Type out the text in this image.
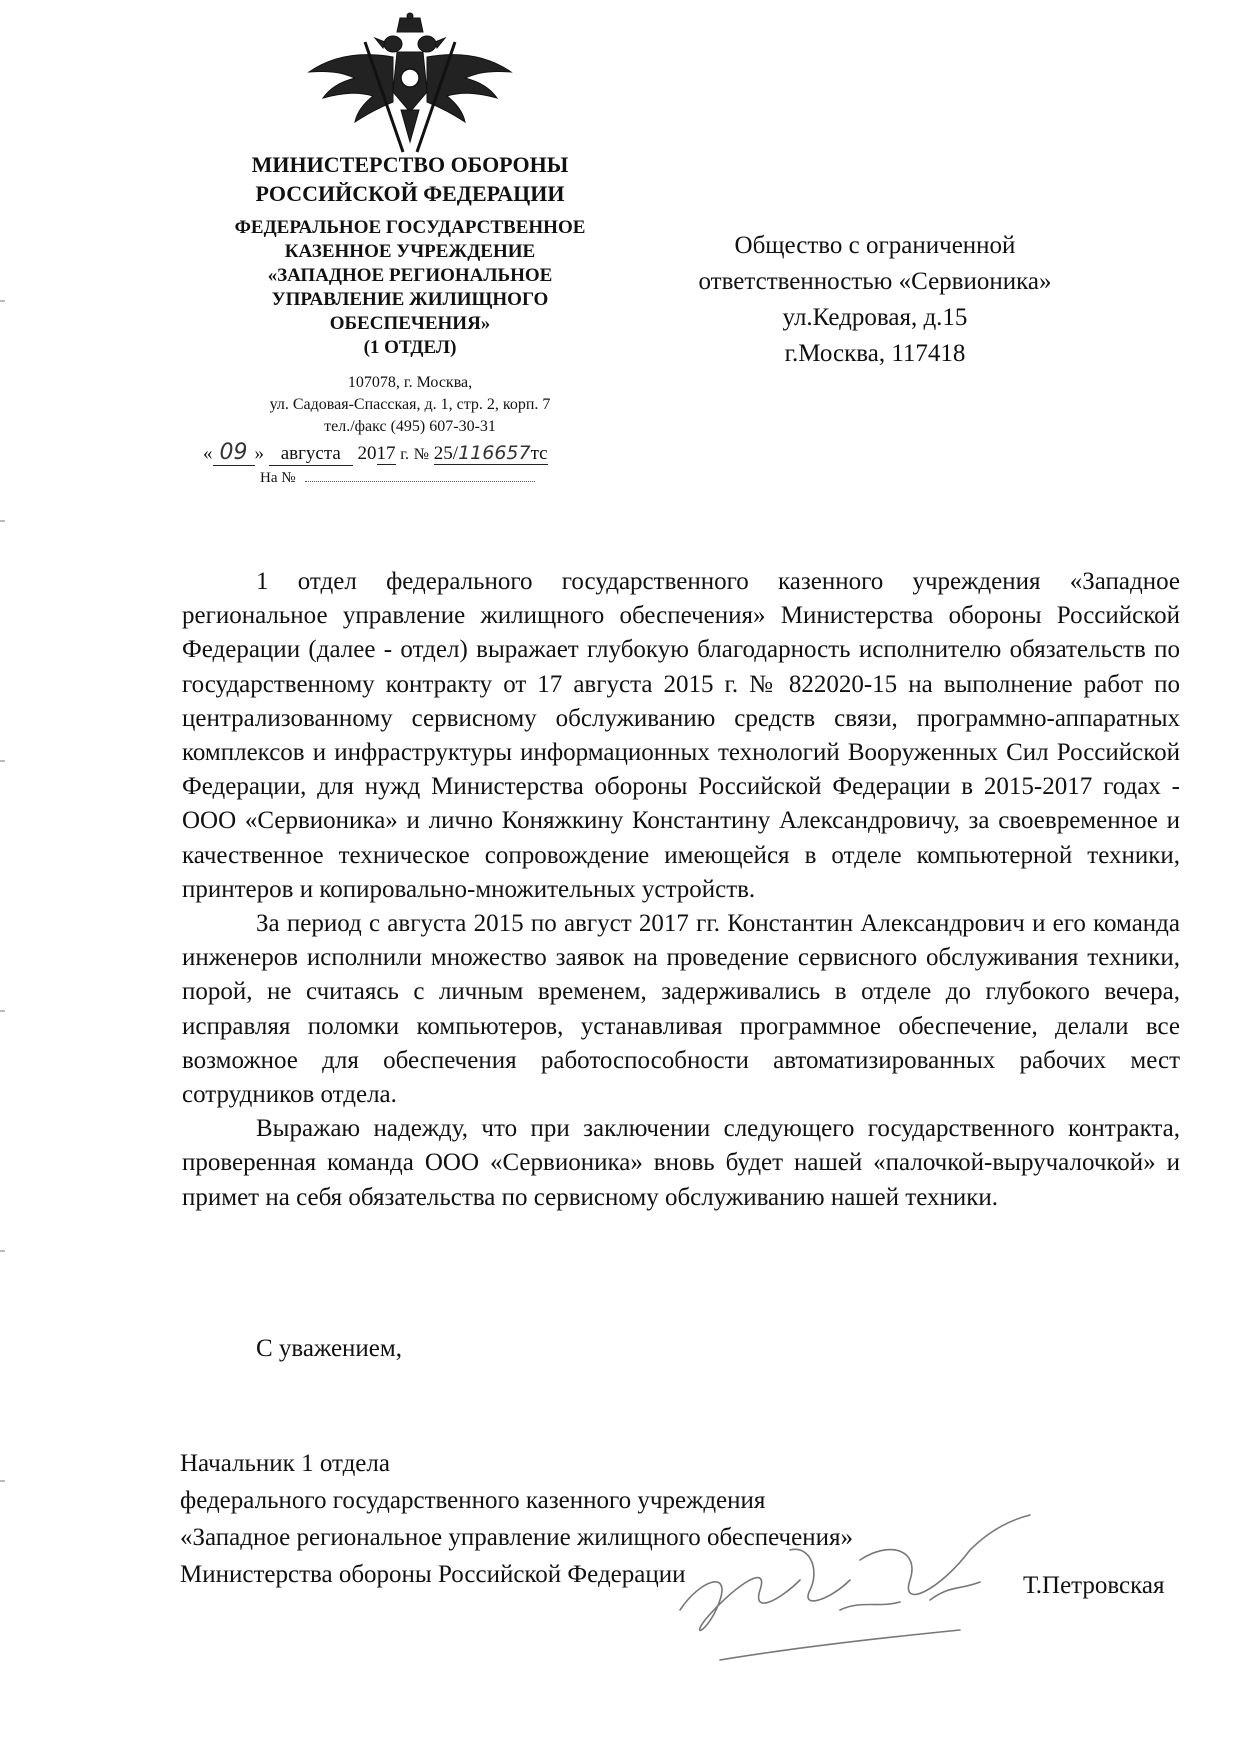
МИНИСТЕРСТВО ОБОРОНЫ
РОССИЙСКОЙ ФЕДЕРАЦИИ
ФЕДЕРАЛЬНОЕ ГОСУДАРСТВЕННОЕ
КАЗЕННОЕ УЧРЕЖДЕНИЕ
«ЗАПАДНОЕ РЕГИОНАЛЬНОЕ
УПРАВЛЕНИЕ ЖИЛИЩНОГО
ОБЕСПЕЧЕНИЯ»
(1 ОТДЕЛ)
107078, г. Москва,
ул. Садовая-Спасская, д. 1, стр. 2, корп. 7
тел./факс (495) 607-30-31
« 09 » августа 2017 г. № 25/116657тс
На №
Общество с ограниченной
ответственностью «Сервионика»
ул.Кедровая, д.15
г.Москва, 117418

1 отдел федерального государственного казенного учреждения «Западное региональное управление жилищного обеспечения» Министерства обороны Российской Федерации (далее - отдел) выражает глубокую благодарность исполнителю обязательств по государственному контракту от 17 августа 2015 г. № 822020-15 на выполнение работ по централизованному сервисному обслуживанию средств связи, программно-аппаратных комплексов и инфраструктуры информационных технологий Вооруженных Сил Российской Федерации, для нужд Министерства обороны Российской Федерации в 2015-2017 годах - ООО «Сервионика» и лично Коняжкину Константину Александровичу, за своевременное и качественное техническое сопровождение имеющейся в отделе компьютерной техники, принтеров и копировально-множительных устройств.

За период с августа 2015 по август 2017 гг. Константин Александрович и его команда инженеров исполнили множество заявок на проведение сервисного обслуживания техники, порой, не считаясь с личным временем, задерживались в отделе до глубокого вечера, исправляя поломки компьютеров, устанавливая программное обеспечение, делали все возможное для обеспечения работоспособности автоматизированных рабочих мест сотрудников отдела.

Выражаю надежду, что при заключении следующего государственного контракта, проверенная команда ООО «Сервионика» вновь будет нашей «палочкой-выручалочкой» и примет на себя обязательства по сервисному обслуживанию нашей техники.

С уважением,
Начальник 1 отдела
федерального государственного казенного учреждения
«Западное региональное управление жилищного обеспечения»
Министерства обороны Российской Федерации	Т.Петровская
